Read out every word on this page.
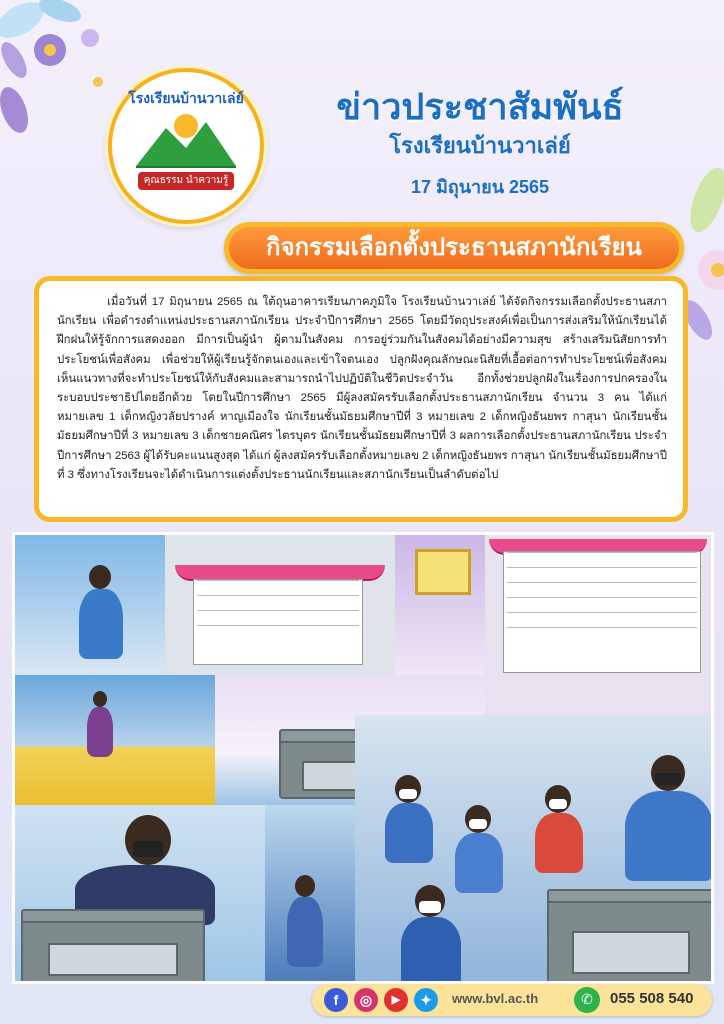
โรงเรียนบ้านวาเล่ย์
คุณธรรม นำความรู้
ข่าวประชาสัมพันธ์
โรงเรียนบ้านวาเล่ย์
17 มิถุนายน 2565
กิจกรรมเลือกตั้งประธานสภานักเรียน

เมื่อวันที่ 17 มิถุนายน 2565 ณ ใต้ถุนอาคารเรียนภาคภูมิใจ โรงเรียนบ้านวาเล่ย์ ได้จัดกิจกรรมเลือกตั้งประธานสภานักเรียน เพื่อดำรงตำแหน่งประธานสภานักเรียน ประจำปีการศึกษา 2565 โดยมีวัตถุประสงค์เพื่อเป็นการส่งเสริมให้นักเรียนได้ฝึกฝนให้รู้จักการแสดงออก มีการเป็นผู้นำ ผู้ตามในสังคม การอยู่ร่วมกันในสังคมได้อย่างมีความสุข สร้างเสริมนิสัยการทำประโยชน์เพื่อสังคม เพื่อช่วยให้ผู้เรียนรู้จักตนเองและเข้าใจตนเอง ปลูกฝังคุณลักษณะนิสัยที่เอื้อต่อการทำประโยชน์เพื่อสังคม เห็นแนวทางที่จะทำประโยชน์ให้กับสังคมและสามารถนำไปปฏิบัติในชีวิตประจำวัน อีกทั้งช่วยปลูกฝังในเรื่องการปกครองในระบอบประชาธิปไตยอีกด้วย โดยในปีการศึกษา 2565 มีผู้ลงสมัครรับเลือกตั้งประธานสภานักเรียน จำนวน 3 คน ได้แก่ หมายเลข 1 เด็กหญิงวลัยปรางค์ หาญเมืองใจ นักเรียนชั้นมัธยมศึกษาปีที่ 3 หมายเลข 2 เด็กหญิงธันยพร กาสุนา นักเรียนชั้นมัธยมศึกษาปีที่ 3 หมายเลข 3 เด็กชายคณิศร ไตรบุตร นักเรียนชั้นมัธยมศึกษาปีที่ 3 ผลการเลือกตั้งประธานสภานักเรียน ประจำปีการศึกษา 2563 ผู้ได้รับคะแนนสูงสุด ได้แก่ ผู้ลงสมัครรับเลือกตั้งหมายเลข 2 เด็กหญิงธันยพร กาสุนา นักเรียนชั้นมัธยมศึกษาปีที่ 3 ซึ่งทางโรงเรียนจะได้ดำเนินการแต่งตั้งประธานนักเรียนและสภานักเรียนเป็นลำดับต่อไป

f	◎	▶	✦	www.bvl.ac.th	✆	055 508 540
